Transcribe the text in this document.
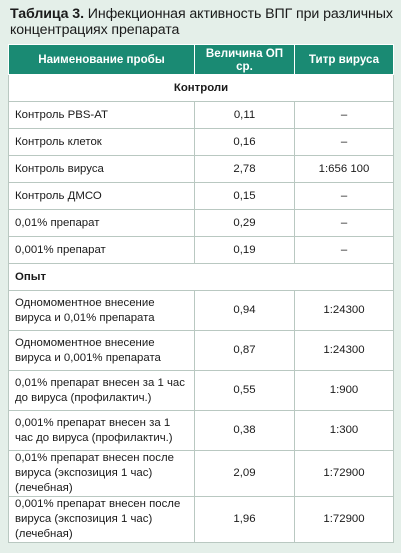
Таблица 3. Инфекционная активность ВПГ при различных концентрациях препарата
Наименование пробы	Величина ОП ср.	Титр вируса
Контроли		
Контроль PBS-AT	0,11	–
Контроль клеток	0,16	–
Контроль вируса	2,78	1:656 100
Контроль ДМСО	0,15	–
0,01% препарат	0,29	–
0,001% препарат	0,19	–
Опыт		
Одномоментное внесение вируса и 0,01% препарата	0,94	1:24300
Одномоментное внесение вируса и 0,001% препарата	0,87	1:24300
0,01% препарат внесен за 1 час до вируса (профилактич.)	0,55	1:900
0,001% препарат внесен за 1 час до вируса (профилактич.)	0,38	1:300
0,01% препарат внесен после вируса (экспозиция 1 час) (лечебная)	2,09	1:72900
0,001% препарат внесен после вируса (экспозиция 1 час) (лечебная)	1,96	1:72900
